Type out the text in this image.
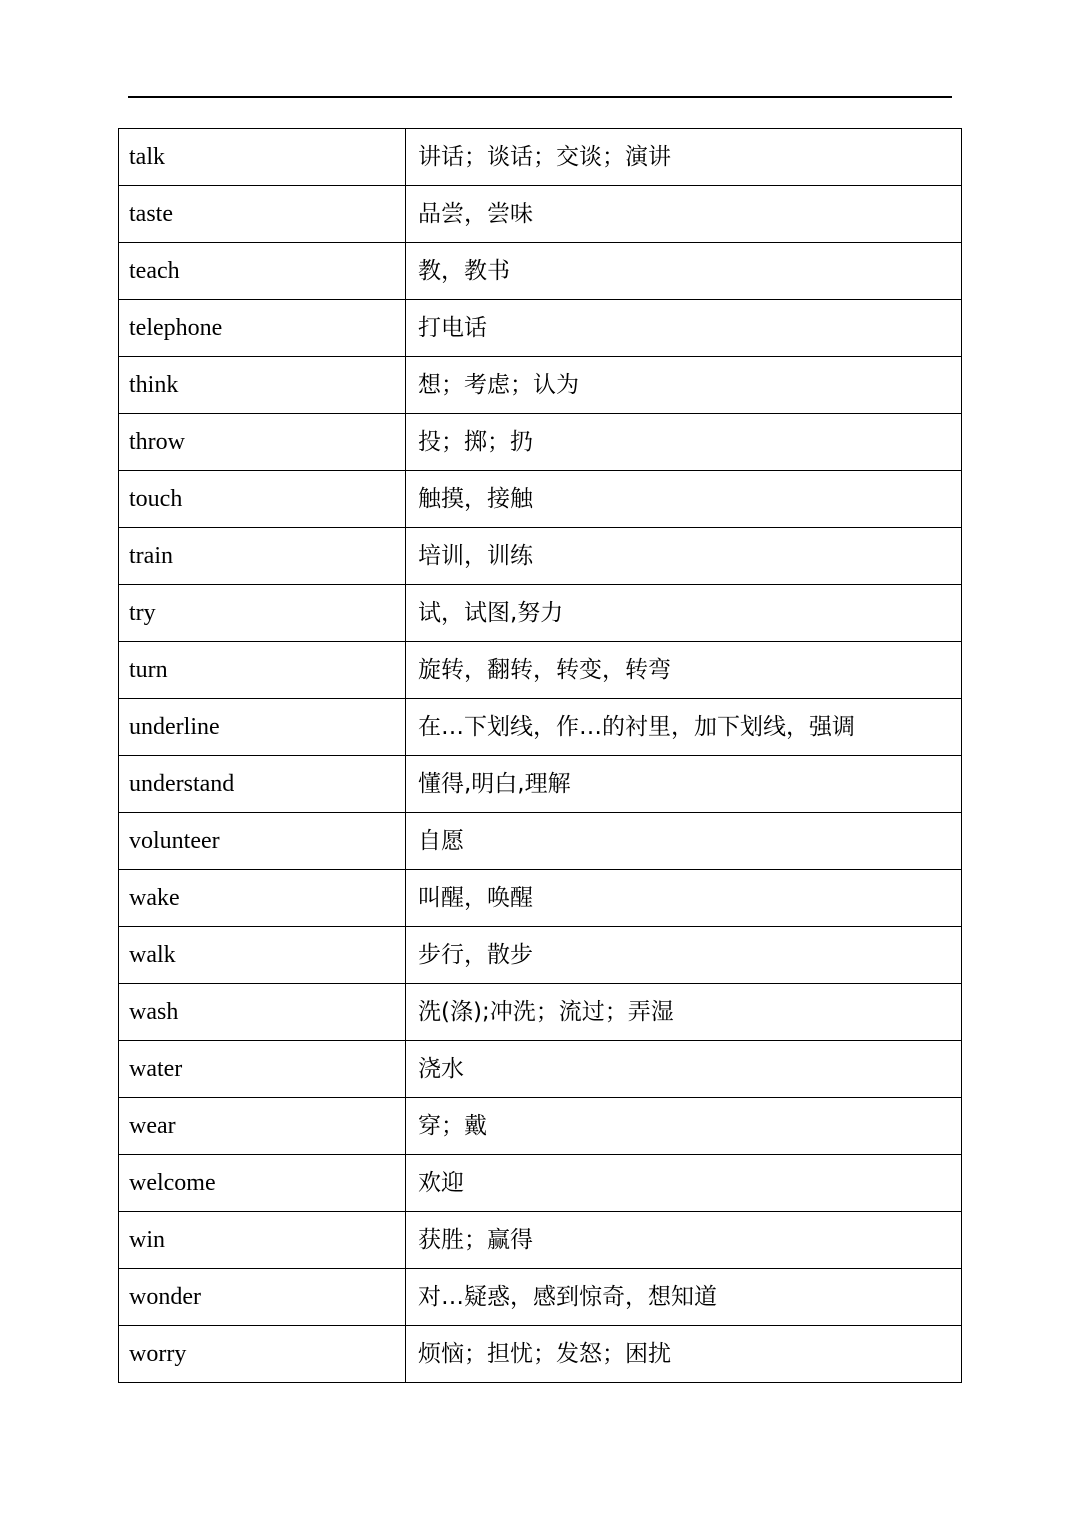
talk	讲话；谈话；交谈；演讲
taste	品尝，尝味
teach	教，教书
telephone	打电话
think	想；考虑；认为
throw	投；掷；扔
touch	触摸，接触
train	培训，训练
try	试，试图,努力
turn	旋转，翻转，转变，转弯
underline	在…下划线，作…的衬里，加下划线，强调
understand	懂得,明白,理解
volunteer	自愿
wake	叫醒，唤醒
walk	步行，散步
wash	洗(涤);冲洗；流过；弄湿
water	浇水
wear	穿；戴
welcome	欢迎
win	获胜；赢得
wonder	对…疑惑，感到惊奇，想知道
worry	烦恼；担忧；发怒；困扰
